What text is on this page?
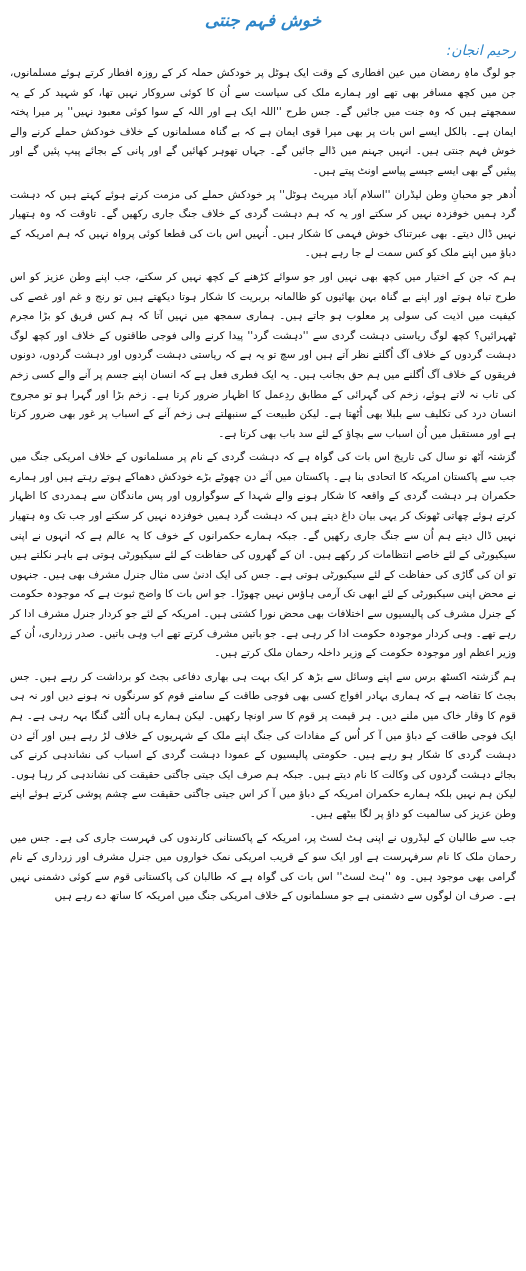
خوش فہم جنتی
رحیم انجان:

جو لوگ ماہِ رمضان میں عین افطاری کے وقت ایک ہوٹل پر خودکش حملہ کر کے روزہ افطار کرتے ہوئے مسلمانوں، جن میں کچھ مسافر بھی تھے اور ہمارے ملک کی سیاست سے اُن کا کوئی سروکار نہیں تھا، کو شہید کر کے یہ سمجھتے ہیں کہ وہ جنت میں جائیں گے۔ جس طرح ''اللہ ایک ہے اور اللہ کے سوا کوئی معبود نہیں'' پر میرا پختہ ایمان ہے۔ بالکل ایسے اس بات پر بھی میرا قوی ایمان ہے کہ بے گناہ مسلمانوں کے خلاف خودکش حملے کرنے والے خوش فہم جنتی ہیں۔ انہیں جہنم میں ڈالے جائیں گے۔ جہاں تھوہر کھائیں گے اور پانی کے بجائے پیپ پئیں گے اور پیئیں گے بھی ایسے جیسے پیاسے اونٹ پیتے ہیں۔

اُدھر جو محبانِ وطن لیڈران ''اسلام آباد میریٹ ہوٹل'' پر خودکش حملے کی مزمت کرتے ہوئے کہتے ہیں کہ دہشت گرد ہمیں خوفزدہ نہیں کر سکتے اور یہ کہ ہم دہشت گردی کے خلاف جنگ جاری رکھیں گے۔ تاوقت کہ وہ ہتھیار نہیں ڈال دیتے۔ بھی عبرتناک خوش فہمی کا شکار ہیں۔ اُنہیں اس بات کی قطعا کوئی پرواہ نہیں کہ ہم امریکہ کے دباؤ میں اپنے ملک کو کس سمت لے جا رہے ہیں۔

ہم کہ جن کے اختیار میں کچھ بھی نہیں اور جو سوائے کڑھنے کے کچھ نہیں کر سکتے، جب اپنے وطن عزیز کو اس طرح تباہ ہوتے اور اپنے بے گناہ بہن بھائیوں کو ظالمانہ بربریت کا شکار ہوتا دیکھتے ہیں تو رنج و غم اور غصے کی کیفیت میں اذیت کی سولی پر معلوب ہو جاتے ہیں۔ ہماری سمجھ میں نہیں آتا کہ ہم کس فریق کو بڑا مجرم ٹھہرائیں؟ کچھ لوگ ریاستی دہشت گردی سے ''دہشت گرد'' پیدا کرنے والی فوجی طاقتوں کے خلاف اور کچھ لوگ دہشت گردوں کے خلاف آگ اُگلتے نظر آتے ہیں اور سچ تو یہ ہے کہ ریاستی دہشت گردوں اور دہشت گردوں، دونوں فریقوں کے خلاف آگ اُگلنے میں ہم حق بجانب ہیں۔ یہ ایک فطری فعل ہے کہ انسان اپنے جسم پر آنے والے کسی زخم کی تاب نہ لاتے ہوئے، زخم کی گہرائی کے مطابق ردِعمل کا اظہار ضرور کرتا ہے۔ زخم بڑا اور گہرا ہو تو مجروح انسان درد کی تکلیف سے بلبلا بھی اُٹھتا ہے۔ لیکن طبیعت کے سنبھلتے ہی زخم آنے کے اسباب پر غور بھی ضرور کرتا ہے اور مستقبل میں اُن اسباب سے بچاؤ کے لئے سد باب بھی کرتا ہے۔

گزشتہ آٹھ نو سال کی تاریخ اس بات کی گواہ ہے کہ دہشت گردی کے نام پر مسلمانوں کے خلاف امریکی جنگ میں جب سے پاکستان امریکہ کا اتحادی بنا ہے۔ پاکستان میں آئے دن چھوٹے بڑے خودکش دھماکے ہوتے رہتے ہیں اور ہمارے حکمران ہر دہشت گردی کے واقعہ کا شکار ہونے والے شہدا کے سوگواروں اور پس ماندگان سے ہمدردی کا اظہار کرتے ہوئے چھاتی ٹھونک کر یہی بیان داغ دیتے ہیں کہ دہشت گرد ہمیں خوفزدہ نہیں کر سکتے اور جب تک وہ ہتھیار نہیں ڈال دیتے ہم اُن سے جنگ جاری رکھیں گے۔ جبکہ ہمارے حکمرانوں کے خوف کا یہ عالم ہے کہ انہوں نے اپنی سیکیورٹی کے لئے خاصے انتظامات کر رکھے ہیں۔ ان کے گھروں کی حفاظت کے لئے سیکیورٹی ہوتی ہے باہر نکلتے ہیں تو ان کی گاڑی کی حفاظت کے لئے سیکیورٹی ہوتی ہے۔ جس کی ایک ادنیٰ سی مثال جنرل مشرف بھی ہیں۔ جنہوں نے محض اپنی سیکیورٹی کے لئے ابھی تک آرمی ہاؤس نہیں چھوڑا۔ جو اس بات کا واضح ثبوت ہے کہ موجودہ حکومت کے جنرل مشرف کی پالیسیوں سے اختلافات بھی محض نورا کشتی ہیں۔ امریکہ کے لئے جو کردار جنرل مشرف ادا کر رہے تھے۔ وہی کردار موجودہ حکومت ادا کر رہی ہے۔ جو باتیں مشرف کرتے تھے اب وہی باتیں۔ صدر زرداری، اُن کے وزیر اعظم اور موجودہ حکومت کے وزیر داخلہ رحمان ملک کرتے ہیں۔

ہم گزشتہ اکسٹھ برس سے اپنے وسائل سے بڑھ کر ایک بہت ہی بھاری دفاعی بجٹ کو برداشت کر رہے ہیں۔ جس بجٹ کا تقاضہ ہے کہ ہماری بہادر افواج کسی بھی فوجی طاقت کے سامنے قوم کو سرنگوں نہ ہونے دیں اور نہ ہی قوم کا وقار خاک میں ملنے دیں۔ ہر قیمت پر قوم کا سر اونچا رکھیں۔ لیکن ہمارے ہاں اُلٹی گنگا بہہ رہی ہے۔ ہم ایک فوجی طاقت کے دباؤ میں آ کر اُس کے مفادات کی جنگ اپنے ملک کے شہریوں کے خلاف لڑ رہے ہیں اور آئے دن دہشت گردی کا شکار ہو رہے ہیں۔ حکومتی پالیسیوں کے عمودا دہشت گردی کے اسباب کی نشاندہی کرنے کی بجائے دہشت گردوں کی وکالت کا نام دیتے ہیں۔ جبکہ ہم صرف ایک جیتی جاگتی حقیقت کی نشاندہی کر رہا ہوں۔ لیکن ہم نہیں بلکہ ہمارے حکمران امریکہ کے دباؤ میں آ کر اس جیتی جاگتی حقیقت سے چشم پوشی کرتے ہوئے اپنے وطن عزیز کی سالمیت کو داؤ پر لگا بیٹھے ہیں۔

جب سے طالبان کے لیڈروں نے اپنی ہٹ لسٹ پر، امریکہ کے پاکستانی کارندوں کی فہرست جاری کی ہے۔ جس میں رحمان ملک کا نام سرفہرست ہے اور ایک سو کے قریب امریکی نمک خواروں میں جنرل مشرف اور زرداری کے نام گرامی بھی موجود ہیں۔ وہ ''ہٹ لسٹ'' اس بات کی گواہ ہے کہ طالبان کی پاکستانی قوم سے کوئی دشمنی نہیں ہے۔ صرف ان لوگوں سے دشمنی ہے جو مسلمانوں کے خلاف امریکی جنگ میں امریکہ کا ساتھ دے رہے ہیں
